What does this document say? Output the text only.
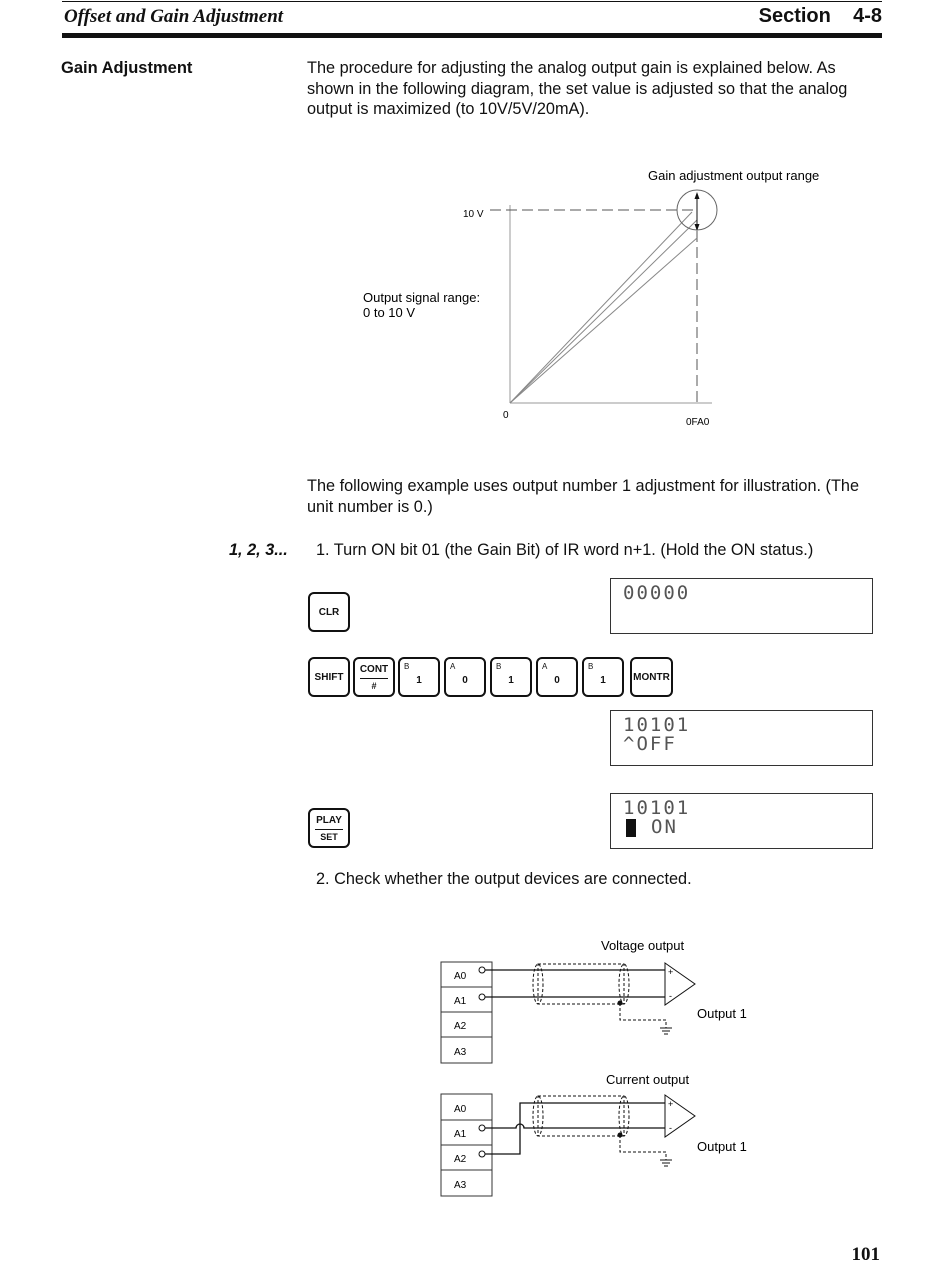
Offset and Gain Adjustment	Section    4-8
Gain Adjustment	The procedure for adjusting the analog output gain is explained below. As shown in the following diagram, the set value is adjusted so that the analog output is maximized (to 10V/5V/20mA).
Gain adjustment output range
10 V
Output signal range:
0 to 10 V
0
0FA0
The following example uses output number 1 adjustment for illustration. (The unit number is 0.)
1, 2, 3... 1. Turn ON bit 01 (the Gain Bit) of IR word n+1. (Hold the ON status.)
CLR
SHIFT
CONT
#
B
1
A
0
B
1
A
0
B
1	MONTR
PLAY
SET
00000
10101
^OFF
10101
ON
2. Check whether the output devices are connected.
Voltage output
A0
A1
A2
A3
+
-
Output 1
Current output
A0
A1
A2
A3
+
-
Output 1
101
